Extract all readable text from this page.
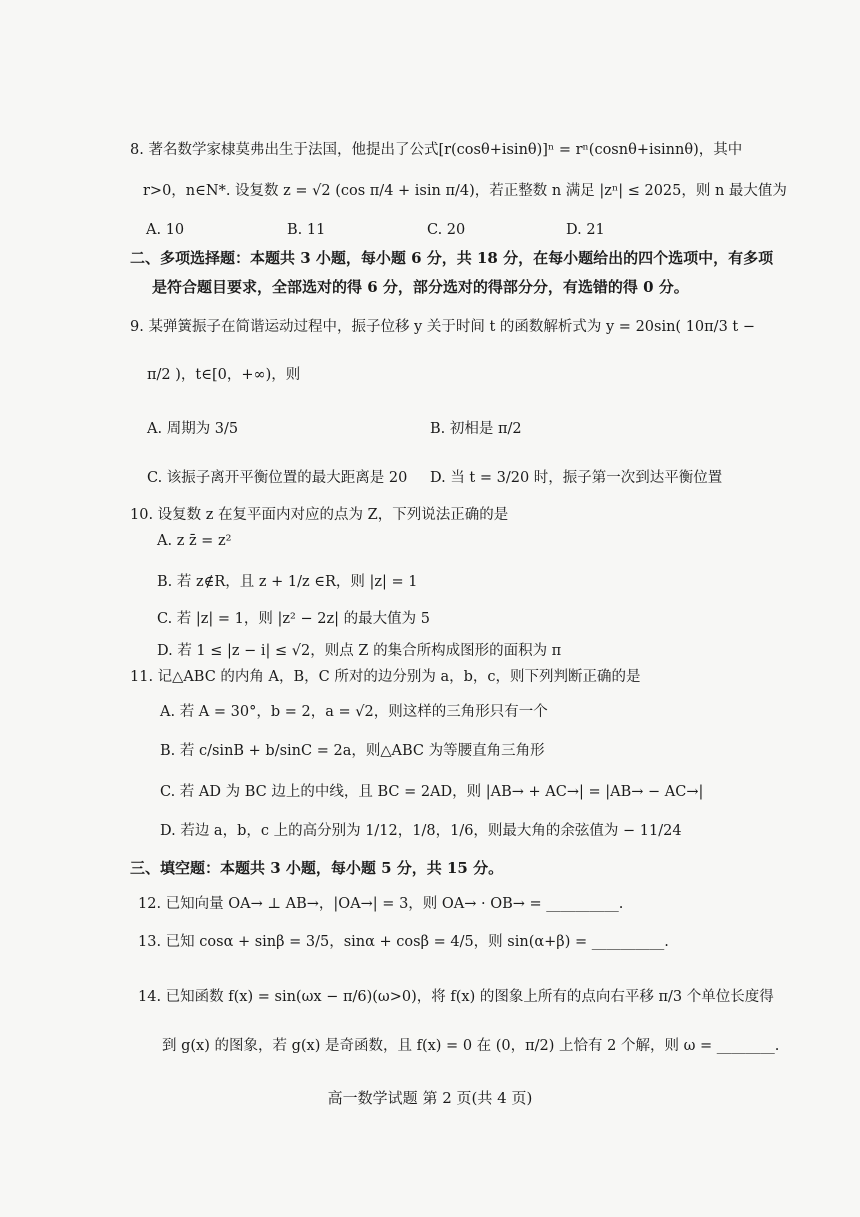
8. 著名数学家棣莫弗出生于法国，他提出了公式[r(cosθ+isinθ)]ⁿ = rⁿ(cosnθ+isinnθ)，其中
r>0，n∈N*. 设复数 z = √2 (cos π/4 + isin π/4)，若正整数 n 满足 |zⁿ| ≤ 2025，则 n 最大值为
A. 10	B. 11	C. 20	D. 21
二、多项选择题：本题共 3 小题，每小题 6 分，共 18 分，在每小题给出的四个选项中，有多项
是符合题目要求，全部选对的得 6 分，部分选对的得部分分，有选错的得 0 分。
9. 某弹簧振子在简谐运动过程中，振子位移 y 关于时间 t 的函数解析式为 y = 20sin( 10π/3 t −
π/2 )，t∈[0，+∞)，则
A. 周期为 3/5	B. 初相是 π/2
C. 该振子离开平衡位置的最大距离是 20 D. 当 t = 3/20 时，振子第一次到达平衡位置
10. 设复数 z 在复平面内对应的点为 Z，下列说法正确的是
A. z z̄ = z²
B. 若 z∉R，且 z + 1/z ∈R，则 |z| = 1
C. 若 |z| = 1，则 |z² − 2z| 的最大值为 5
D. 若 1 ≤ |z − i| ≤ √2，则点 Z 的集合所构成图形的面积为 π
11. 记△ABC 的内角 A，B，C 所对的边分别为 a，b，c，则下列判断正确的是
A. 若 A = 30°，b = 2，a = √2，则这样的三角形只有一个
B. 若 c/sinB + b/sinC = 2a，则△ABC 为等腰直角三角形
C. 若 AD 为 BC 边上的中线，且 BC = 2AD，则 |AB→ + AC→| = |AB→ − AC→|
D. 若边 a，b，c 上的高分别为 1/12，1/8，1/6，则最大角的余弦值为 − 11/24
三、填空题：本题共 3 小题，每小题 5 分，共 15 分。
12. 已知向量 OA→ ⊥ AB→，|OA→| = 3，则 OA→ · OB→ = __________.
13. 已知 cosα + sinβ = 3/5，sinα + cosβ = 4/5，则 sin(α+β) = __________.
14. 已知函数 f(x) = sin(ωx − π/6)(ω>0)，将 f(x) 的图象上所有的点向右平移 π/3 个单位长度得
到 g(x) 的图象，若 g(x) 是奇函数，且 f(x) = 0 在 (0，π/2) 上恰有 2 个解，则 ω = ________.
高一数学试题 第 2 页(共 4 页)
